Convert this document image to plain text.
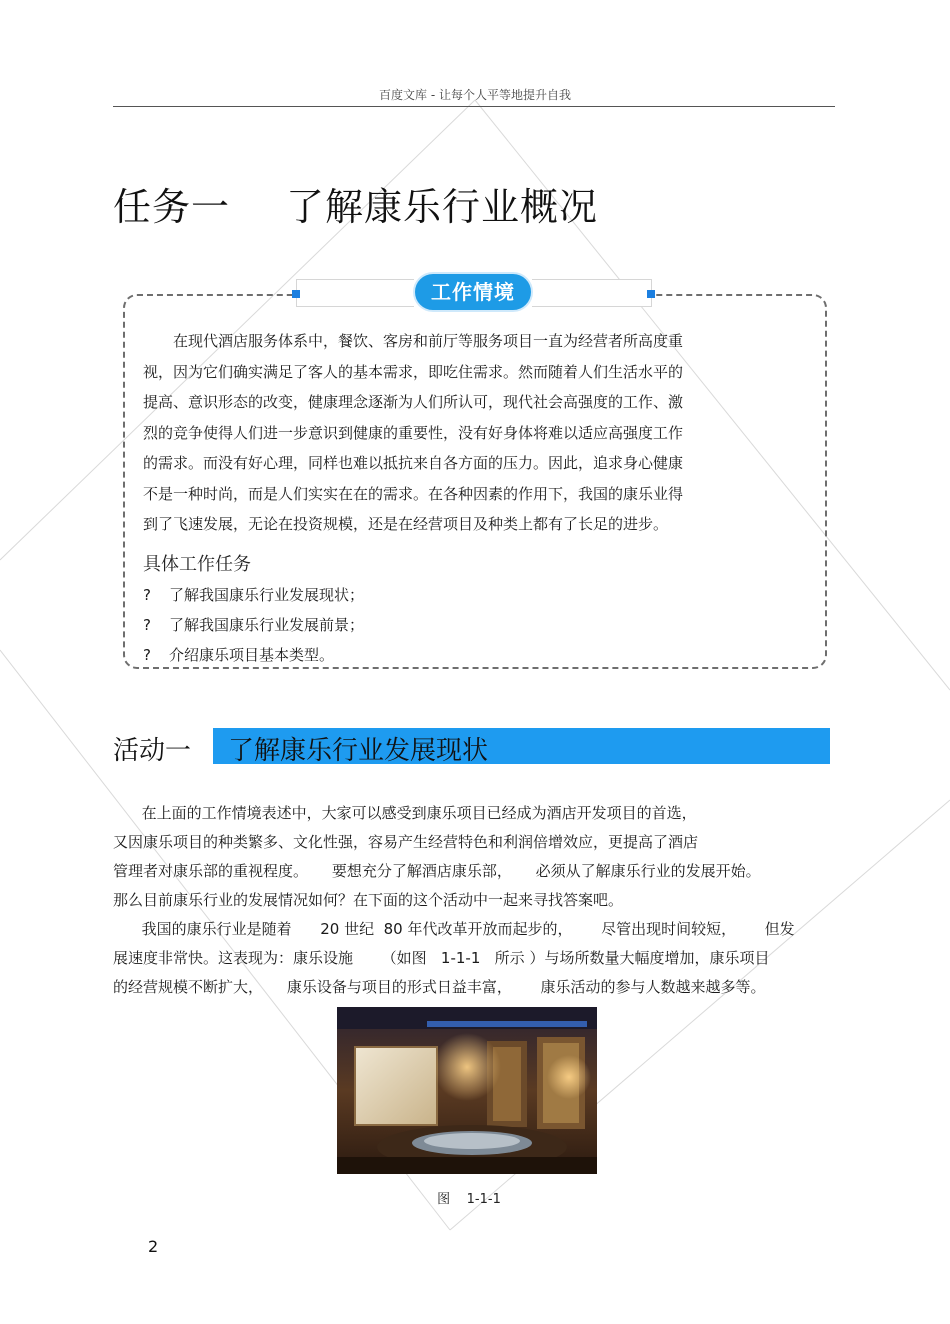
百度文库 - 让每个人平等地提升自我
任务一 了解康乐行业概况
工作情境
　　在现代酒店服务体系中，餐饮、客房和前厅等服务项目一直为经营者所高度重
视，因为它们确实满足了客人的基本需求，即吃住需求。然而随着人们生活水平的
提高、意识形态的改变，健康理念逐渐为人们所认可，现代社会高强度的工作、激
烈的竞争使得人们进一步意识到健康的重要性，没有好身体将难以适应高强度工作
的需求。而没有好心理，同样也难以抵抗来自各方面的压力。因此，追求身心健康
不是一种时尚，而是人们实实在在的需求。在各种因素的作用下，我国的康乐业得
到了飞速发展，无论在投资规模，还是在经营项目及种类上都有了长足的进步。
具体工作任务
? 了解我国康乐行业发展现状；
? 了解我国康乐行业发展前景；
? 介绍康乐项目基本类型。
活动一 了解康乐行业发展现状
在上面的工作情境表述中，大家可以感受到康乐项目已经成为酒店开发项目的首选，
又因康乐项目的种类繁多、文化性强，容易产生经营特色和利润倍增效应，更提高了酒店
管理者对康乐部的重视程度。     要想充分了解酒店康乐部，     必须从了解康乐行业的发展开始。
那么目前康乐行业的发展情况如何？在下面的这个活动中一起来寻找答案吧。
我国的康乐行业是随着      20 世纪  80 年代改革开放而起步的，      尽管出现时间较短，      但发
展速度非常快。这表现为：康乐设施      （如图   1-1-1   所示 ）与场所数量大幅度增加，康乐项目
的经营规模不断扩大，     康乐设备与项目的形式日益丰富，      康乐活动的参与人数越来越多等。
图    1-1-1
2
